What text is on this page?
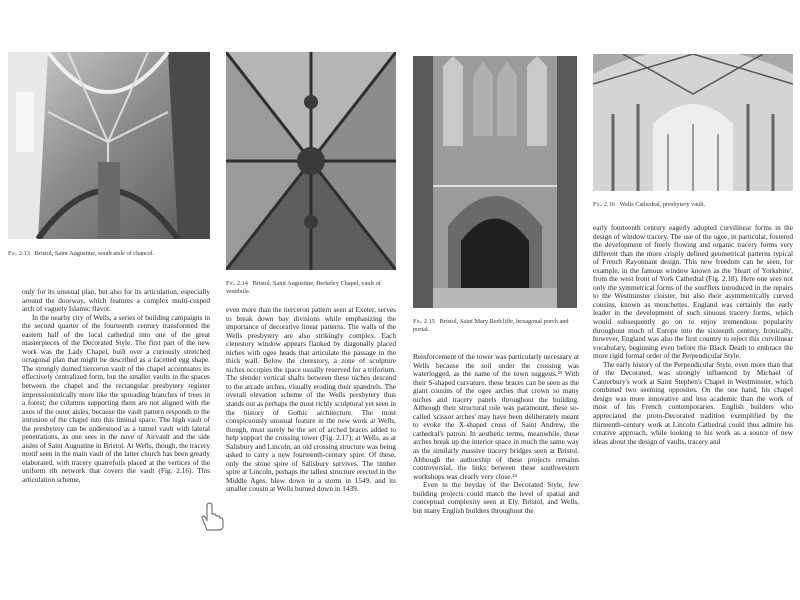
Fig. 2.13 Bristol, Saint Augustine, south aisle of chancel.
Fig. 2.14 Bristol, Saint Augustine, Berkeley Chapel, vault of vestibule.
Fig. 2.15 Bristol, Saint Mary Redcliffe, hexagonal porch and portal.
Fig. 2.16 Wells Cathedral, presbytery vault.

only for its unusual plan, but also for its articulation, especially around the doorway, which features a complex multi-cusped arch of vaguely Islamic flavor.

In the nearby city of Wells, a series of building campaigns in the second quarter of the fourteenth century transformed the eastern half of the local cathedral into one of the great masterpieces of the Decorated Style. The first part of the new work was the Lady Chapel, built over a curiously stretched octagonal plan that might be described as a facetted egg shape. The strongly domed tierceron vault of the chapel accentuates its effectively centralized form, but the smaller vaults in the spaces between the chapel and the rectangular presbytery register impressionistically more like the spreading branches of trees in a forest; the columns supporting them are not aligned with the axes of the outer aisles, because the vault pattern responds to the intrusion of the chapel into this liminal space. The high vault of the presbytery can be understood as a tunnel vault with lateral penetrations, as one sees in the nave of Airvault and the side aisles of Saint Augustine in Bristol. At Wells, though, the tracery motif seen in the main vault of the latter church has been greatly elaborated, with tracery quatrefoils placed at the vertices of the uniform rib network that covers the vault (Fig. 2.16). This articulation scheme,

even more than the tierceron pattern seen at Exeter, serves to break down bay divisions while emphasizing the importance of decorative linear patterns. The walls of the Wells presbytery are also strikingly complex. Each clerestory window appears flanked by diagonally placed niches with ogee heads that articulate the passage in the thick wall. Below the clerestory, a zone of sculpture niches occupies the space usually reserved for a triforium. The slender vertical shafts between these niches descend to the arcade arches, visually eroding their spandrels. The overall elevation scheme of the Wells presbytery thus stands out as perhaps the most richly sculptural yet seen in the history of Gothic architecture. The most conspicuously unusual feature in the new work at Wells, though, must surely be the set of arched braces added to help support the crossing tower (Fig. 2.17); at Wells, as at Salisbury and Lincoln, an old crossing structure was being asked to carry a new fourteenth-century spire. Of these, only the stone spire of Salisbury survives. The timber spire at Lincoln, perhaps the tallest structure erected in the Middle Ages, blew down in a storm in 1549, and its smaller cousin at Wells burned down in 1439.

Reinforcement of the tower was particularly necessary at Wells because the soil under the crossing was waterlogged, as the name of the town suggests.²³ With their S-shaped curvature, these braces can be seen as the giant cousins of the ogee arches that crown so many niches and tracery panels throughout the building. Although their structural role was paramount, these so-called 'scissor arches' may have been deliberately meant to evoke the X-shaped cross of Saint Andrew, the cathedral's patron. In aesthetic terms, meanwhile, these arches break up the interior space in much the same way as the similarly massive tracery bridges seen at Bristol. Although the authorship of these projects remains controversial, the links between these southwestern workshops was clearly very close.²⁴

Even in the heyday of the Decorated Style, few building projects could match the level of spatial and conceptual complexity seen at Ely, Bristol, and Wells, but many English builders throughout the

early fourteenth century eagerly adopted curvilinear forms in the design of window tracery. The use of the ogee, in particular, fostered the development of freely flowing and organic tracery forms very different than the more crisply defined geometrical patterns typical of French Rayonnant design. This new freedom can be seen, for example, in the famous window known as the 'Heart of Yorkshire', from the west front of York Cathedral (Fig. 2.18). Here one sees not only the symmetrical forms of the soufflets introduced in the repairs to the Westminster cloister, but also their asymmetrically curved cousins, known as mouchettes. England was certainly the early leader in the development of such sinuous tracery forms, which would subsequently go on to enjoy tremendous popularity throughout much of Europe into the sixteenth century. Ironically, however, England was also the first country to reject this curvilinear vocabulary, beginning even before the Black Death to embrace the more rigid formal order of the Perpendicular Style.

The early history of the Perpendicular Style, even more than that of the Decorated, was strongly influenced by Michael of Canterbury's work at Saint Stephen's Chapel in Westminster, which combined two seeming opposites. On the one hand, his chapel design was more innovative and less academic than the work of most of his French contemporaries. English builders who appreciated the proto-Decorated tradition exemplified by the thirteenth-century work at Lincoln Cathedral could thus admire his creative approach, while looking to his work as a source of new ideas about the design of vaults, tracery and
